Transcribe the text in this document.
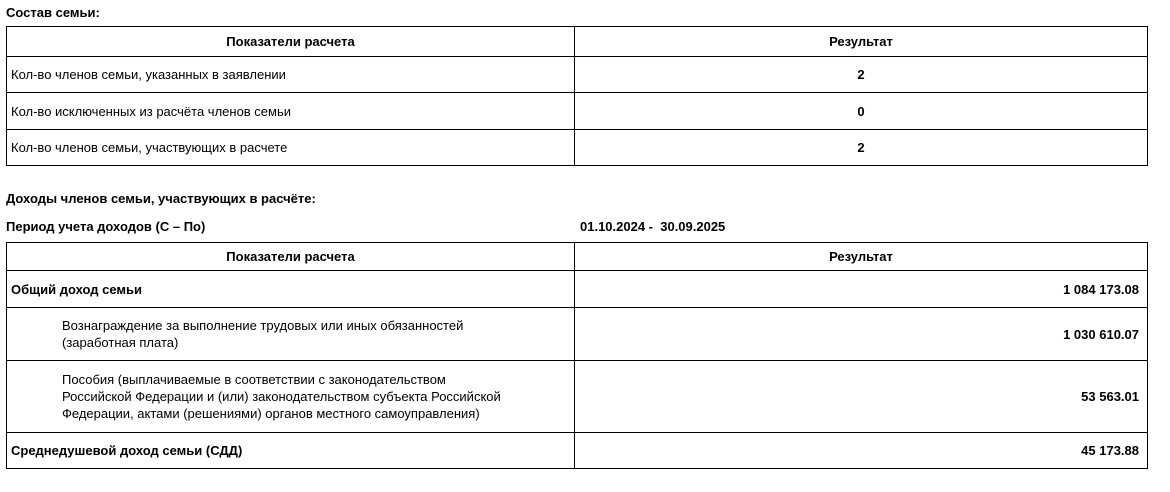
Состав семьи:
Показатели расчета	Результат
Кол-во членов семьи, указанных в заявлении	2
Кол-во исключенных из расчёта членов семьи	0
Кол-во членов семьи, участвующих в расчете	2
Доходы членов семьи, участвующих в расчёте:
Период учета доходов (С – По)	01.10.2024 -  30.09.2025
Показатели расчета	Результат
Общий доход семьи	1 084 173.08

Вознаграждение за выполнение трудовых или иных обязанностей
(заработная плата)	1 030 610.07

Пособия (выплачиваемые в соответствии с законодательством
Российской Федерации и (или) законодательством субъекта Российской
Федерации, актами (решениями) органов местного самоуправления)	53 563.01
Среднедушевой доход семьи (СДД)	45 173.88
